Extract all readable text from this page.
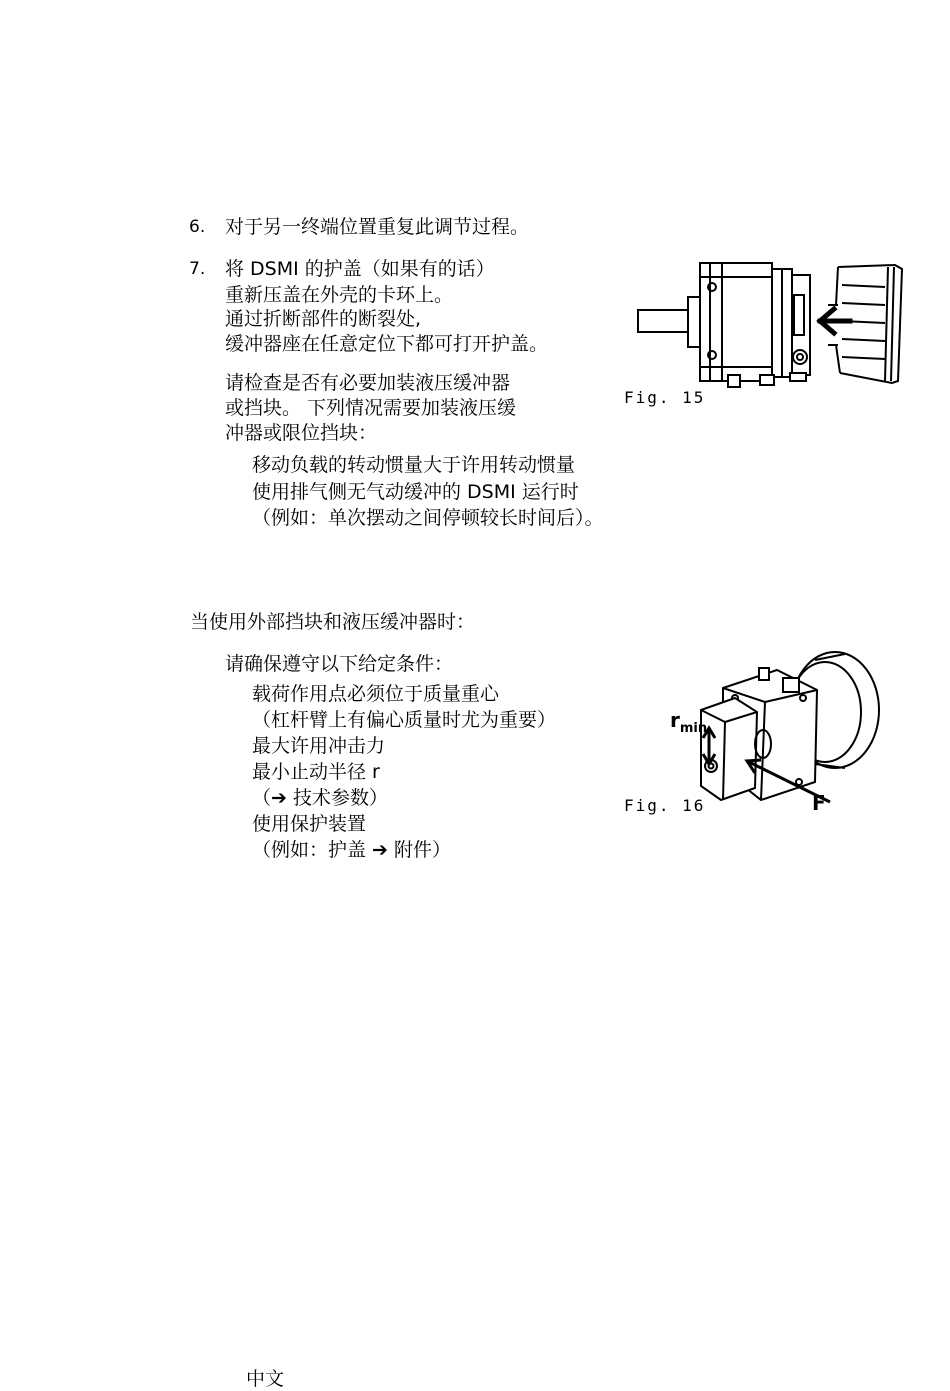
6. 对于另一终端位置重复此调节过程。
7. 将 DSMI 的护盖（如果有的话）
重新压盖在外壳的卡环上。
通过折断部件的断裂处,
缓冲器座在任意定位下都可打开护盖。
请检查是否有必要加装液压缓冲器
或挡块。 下列情况需要加装液压缓
冲器或限位挡块：
移动负载的转动惯量大于许用转动惯量
使用排气侧无气动缓冲的 DSMI 运行时
（例如：单次摆动之间停顿较长时间后）。
当使用外部挡块和液压缓冲器时：
请确保遵守以下给定条件：
载荷作用点必须位于质量重心
（杠杆臂上有偏心质量时尤为重要）
最大许用冲击力
最小止动半径 r
（➔ 技术参数）
使用保护装置
（例如：护盖 ➔ 附件）
Fig. 15
$r_{min}$
F
Fig. 16
中文
